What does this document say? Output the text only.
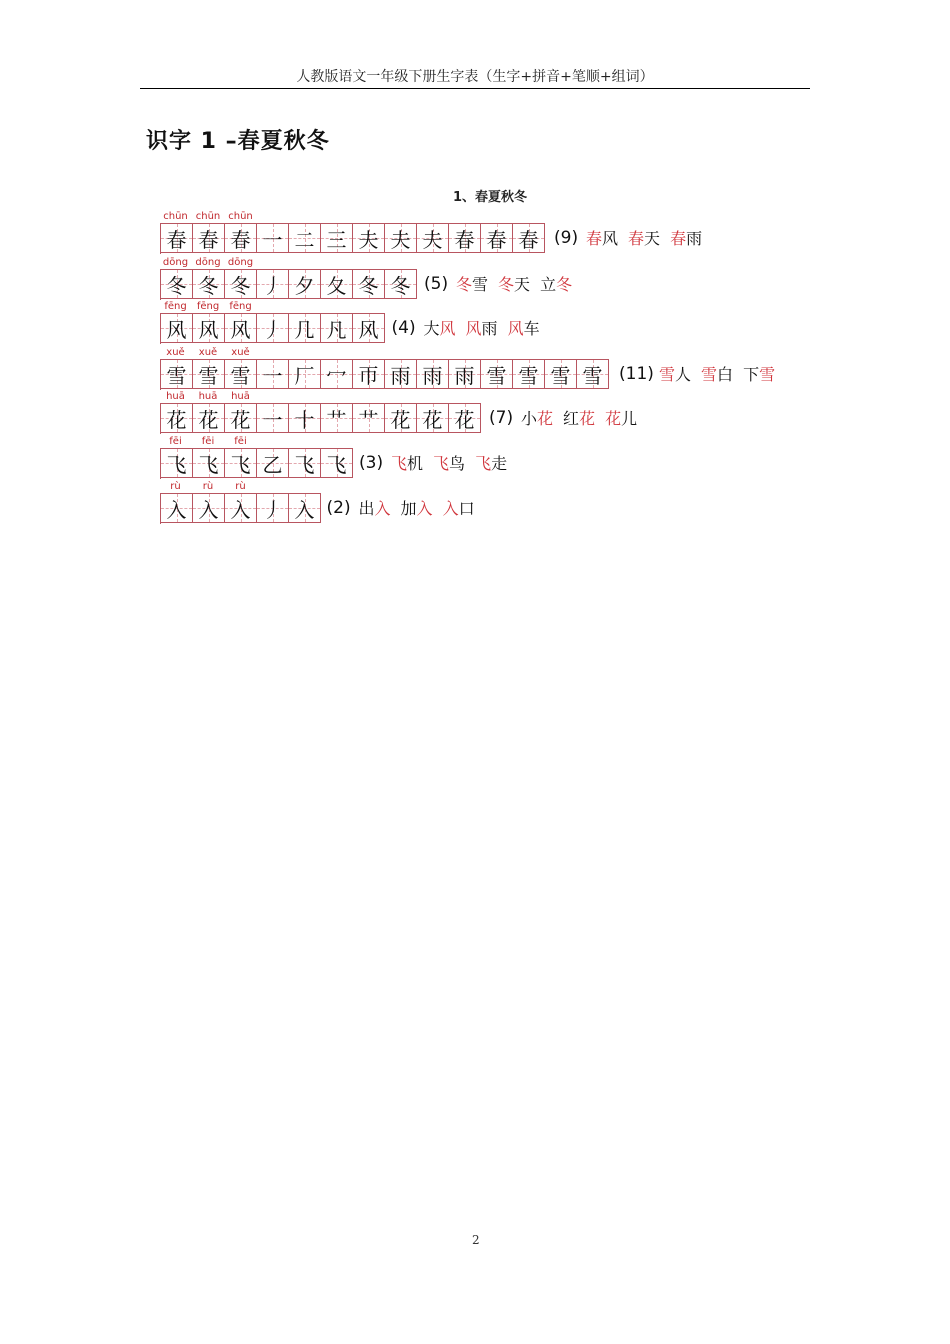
人教版语文一年级下册生字表（生字+拼音+笔顺+组词）
识字 1 –春夏秋冬
1、春夏秋冬
chūn chūn chūn
春 春 春 一 二 三 夫 夫 夫 春 春 春 (9) 春风 春天 春雨
dōng dōng dōng
冬 冬 冬 丿 夕 夂 冬 冬 (5) 冬雪 冬天 立冬
fēng	fēng	fēng
风 风 风 丿 几 凡 风 (4) 大风 风雨 风车
xuě	xuě	xuě
雪 雪 雪 一 厂 冖 帀 雨 雨 雨 雪 雪 雪 雪 (11) 雪人 雪白 下雪
huā	huā	huā
花 花 花 一 十 艹 艹 花 花 花 (7) 小花 红花 花儿
fēi	fēi	fēi
飞 飞 飞 乙 飞 飞 (3) 飞机 飞鸟 飞走
rù	rù	rù
入 入 入 丿 入 (2) 出入 加入 入口
2
